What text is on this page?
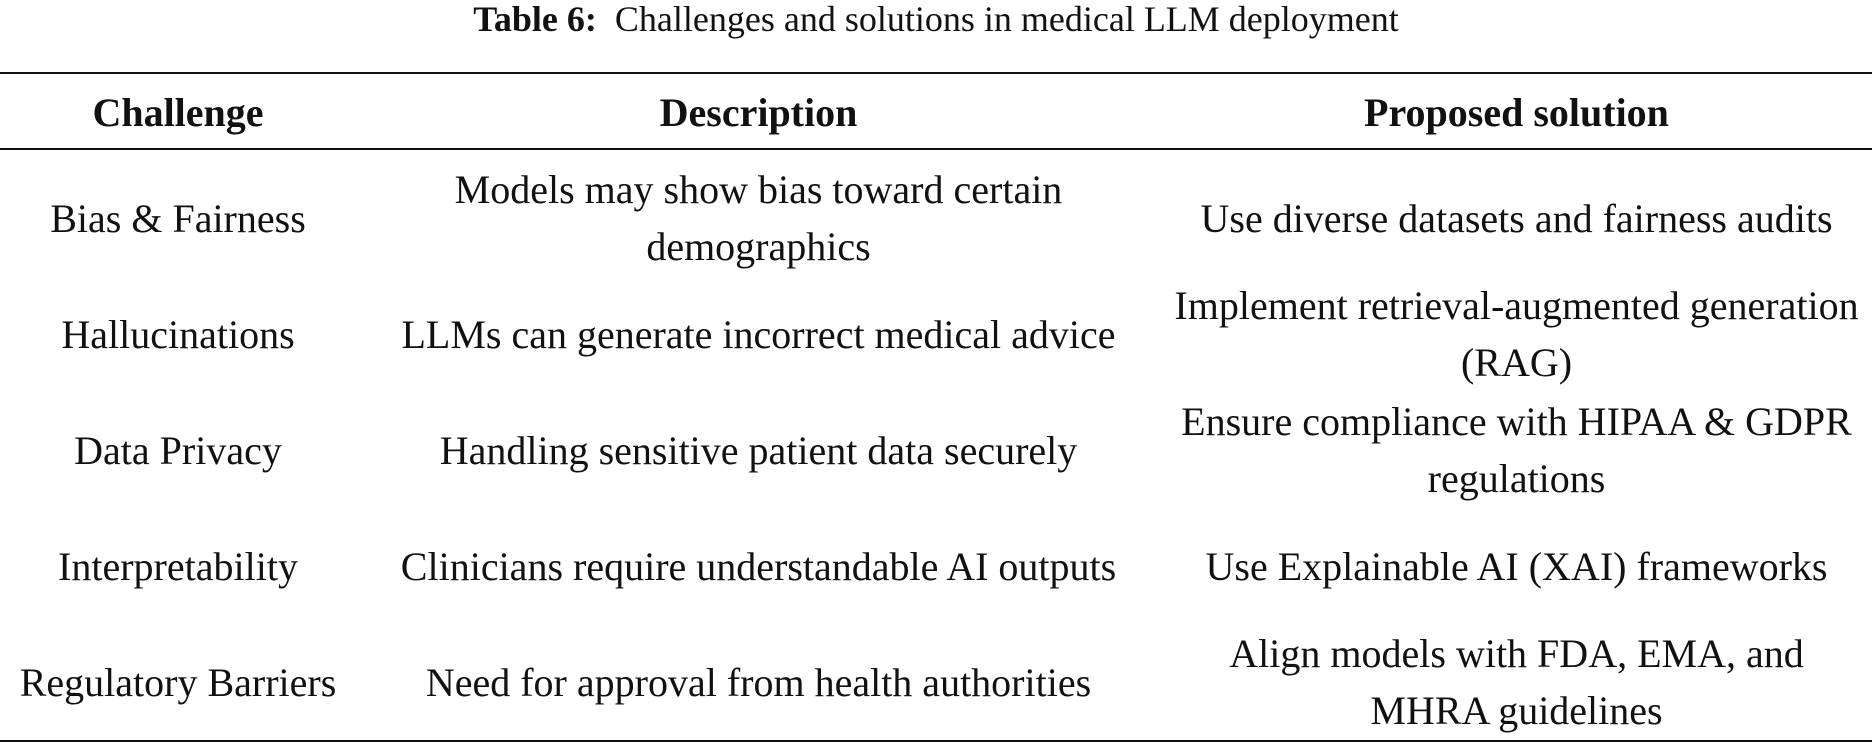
Table 6: Challenges and solutions in medical LLM deployment
Challenge	Description	Proposed solution
Bias & Fairness	Models may show bias toward certain demographics	Use diverse datasets and fairness audits
Hallucinations	LLMs can generate incorrect medical advice	Implement retrieval-augmented generation (RAG)
Data Privacy	Handling sensitive patient data securely	Ensure compliance with HIPAA & GDPR regulations
Interpretability	Clinicians require understandable AI outputs	Use Explainable AI (XAI) frameworks
Regulatory Barriers	Need for approval from health authorities	Align models with FDA, EMA, and MHRA guidelines
